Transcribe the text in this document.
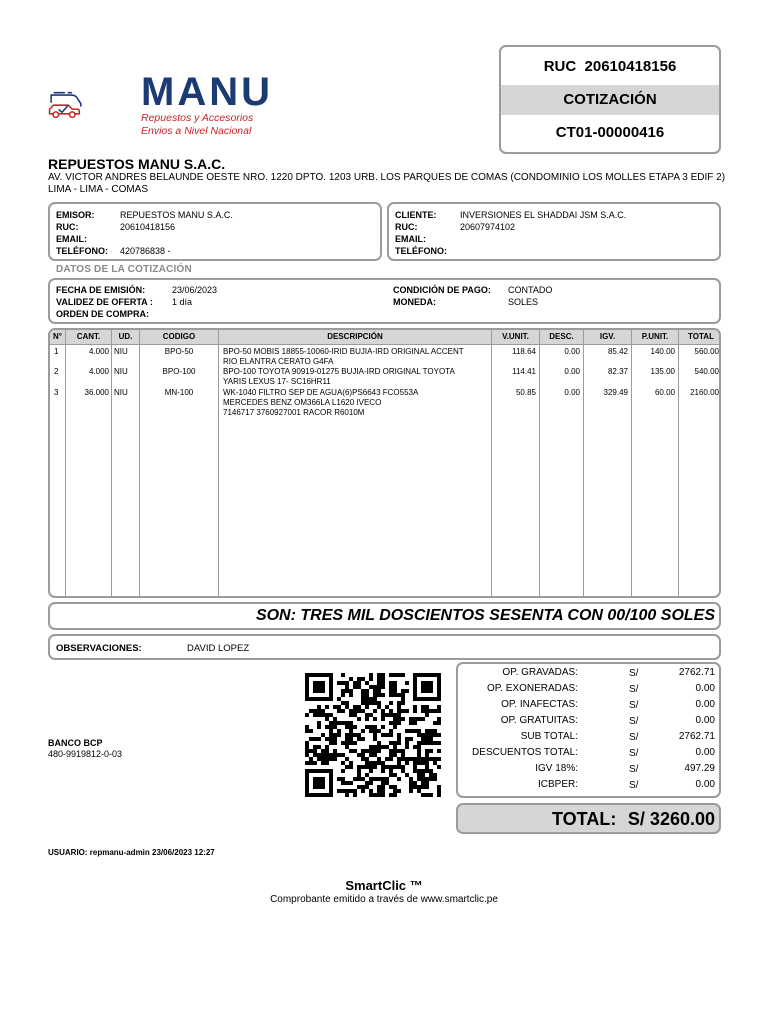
MANU
Repuestos y Accesorios
Envios a Nivel Nacional
RUC 20610418156
COTIZACIÓN
CT01-00000416
REPUESTOS MANU S.A.C.
AV. VICTOR ANDRES BELAUNDE OESTE NRO. 1220 DPTO. 1203 URB. LOS PARQUES DE COMAS (CONDOMINIO LOS MOLLES ETAPA 3 EDIF 2) LIMA - LIMA - COMAS
EMISOR:	REPUESTOS MANU S.A.C.
RUC:	20610418156
EMAIL:
TELÉFONO: 420786838 -
CLIENTE:	INVERSIONES EL SHADDAI JSM S.A.C.
RUC:	20607974102
EMAIL:
TELÉFONO:
DATOS DE LA COTIZACIÓN
FECHA DE EMISIÓN:	23/06/2023
VALIDEZ DE OFERTA : 1 día
ORDEN DE COMPRA:
CONDICIÓN DE PAGO: CONTADO
MONEDA:	SOLES
N°	CANT.	UD.	CODIGO	DESCRIPCIÓN	V.UNIT.	DESC.	IGV.	P.UNIT.	TOTAL
1	4.000 NIU	BPO-50	BPO-50 MOBIS 18855-10060-IRID BUJIA-IRD ORIGINAL ACCENT
RIO ELANTRA CERATO G4FA
118.64	0.00	85.42	140.00	560.00
2	4.000 NIU	BPO-100	BPO-100 TOYOTA 90919-01275 BUJIA-IRD ORIGINAL TOYOTA
YARIS LEXUS 17- SC16HR11
114.41	0.00	82.37	135.00	540.00
3	36.000 NIU	MN-100	WK-1040 FILTRO SEP DE AGUA(6)PS6643 FCO553A
MERCEDES BENZ OM366LA L1620 IVECO
7146717 3760927001 RACOR R6010M
50.85	0.00	329.49	60.00	2160.00
SON: TRES MIL DOSCIENTOS SESENTA CON 00/100 SOLES
OBSERVACIONES:	DAVID LOPEZ
BANCO BCP
480-9919812-0-03
OP. GRAVADAS:	S/	2762.71
OP. EXONERADAS:	S/	0.00
OP. INAFECTAS:	S/	0.00
OP. GRATUITAS:	S/	0.00
SUB TOTAL:	S/	2762.71
DESCUENTOS TOTAL:	S/	0.00
IGV 18%:	S/	497.29
ICBPER:	S/	0.00
TOTAL: S/ 3260.00
USUARIO: repmanu-admin 23/06/2023 12:27
SmartClic ™
Comprobante emitido a través de www.smartclic.pe
